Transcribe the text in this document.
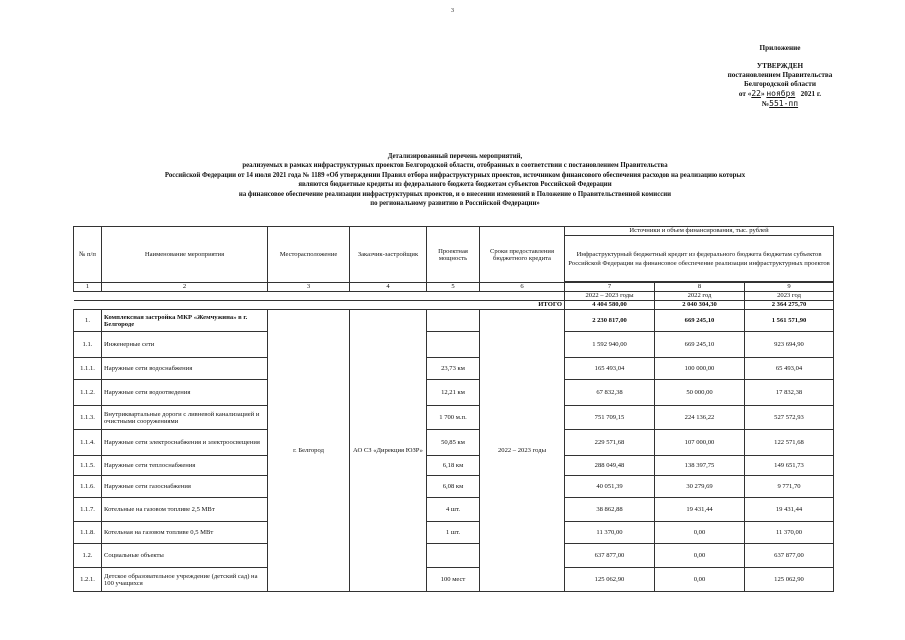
3
Приложение
УТВЕРЖДЕН
постановлением Правительства
Белгородской области
от «22» ноября 2021 г.
№551-пп
Детализированный перечень мероприятий,
реализуемых в рамках инфраструктурных проектов Белгородской области, отобранных в соответствии с постановлением Правительства
Российской Федерации от 14 июля 2021 года № 1189 «Об утверждении Правил отбора инфраструктурных проектов, источником финансового обеспечения расходов на реализацию которых
являются бюджетные кредиты из федерального бюджета бюджетам субъектов Российской Федерации
на финансовое обеспечение реализации инфраструктурных проектов, и о внесении изменений в Положение о Правительственной комиссии
по региональному развитию в Российской Федерации»
№ п/п	Наименование мероприятия	Месторасположение	Заказчик-застройщик	Проектная мощность	Сроки предоставления бюджетного кредита	Источники и объем финансирования, тыс. рублей		
						Инфраструктурный бюджетный кредит из федерального бюджета бюджетам субъектов Российской Федерации на финансовое обеспечение реализации инфраструктурных проектов		

1	2	3	4	5	6	7	8	9
						2022 – 2023 годы	2022 год	2023 год
ИТОГО						4 404 580,00	2 040 304,30	2 364 275,70
1.	Комплексная застройка МКР «Жемчужина» в г. Белгороде	г. Белгород	АО СЗ «Дирекция ЮЗР»		2022 – 2023 годы	2 230 817,00	669 245,10	1 561 571,90
1.1.	Инженерные сети					1 592 940,00	669 245,10	923 694,90
1.1.1.	Наружные сети водоснабжения			23,73 км		165 493,04	100 000,00	65 493,04
1.1.2.	Наружные сети водоотведения			12,21 км		67 832,38	50 000,00	17 832,38
1.1.3.	Внутриквартальные дороги с ливневой канализацией и очистными сооружениями			1 700 м.п.		751 709,15	224 136,22	527 572,93
1.1.4.	Наружные сети электроснабжения и электроосвещения			50,85 км		229 571,68	107 000,00	122 571,68
1.1.5.	Наружные сети теплоснабжения			6,18 км		288 049,48	138 397,75	149 651,73
1.1.6.	Наружные сети газоснабжения			6,08 км		40 051,39	30 279,69	9 771,70
1.1.7.	Котельные на газовом топливе 2,5 МВт			4 шт.		38 862,88	19 431,44	19 431,44
1.1.8.	Котельная на газовом топливе 0,5 МВт			1 шт.		11 370,00	0,00	11 370,00
1.2.	Социальные объекты					637 877,00	0,00	637 877,00
1.2.1.	Детское образовательное учреждение (детский сад) на 100 учащихся			100 мест		125 062,90	0,00	125 062,90
